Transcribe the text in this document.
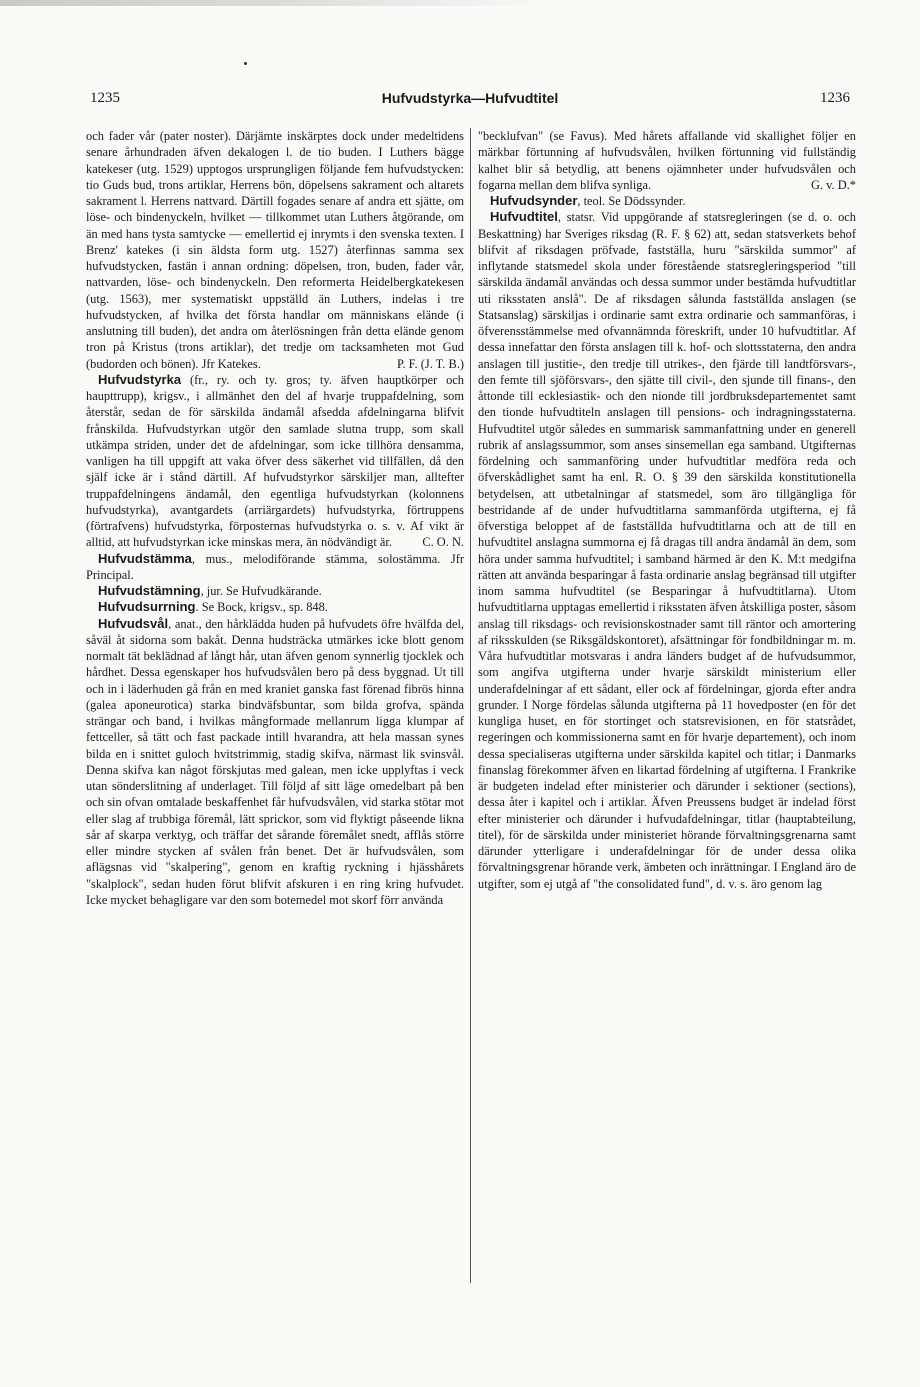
1235	Hufvudstyrka—Hufvudtitel	1236

och fader vår (pater noster). Därjämte inskärptes dock under medeltidens senare århundraden äfven dekalogen l. de tio buden. I Luthers bägge katekeser (utg. 1529) upptogos ursprungligen följande fem hufvudstycken: tio Guds bud, trons artiklar, Herrens bön, döpelsens sakrament och altarets sakrament l. Herrens nattvard. Därtill fogades senare af andra ett sjätte, om löse- och bindenyckeln, hvilket — tillkommet utan Luthers åtgörande, om än med hans tysta samtycke — emellertid ej inrymts i den svenska texten. I Brenz' katekes (i sin äldsta form utg. 1527) återfinnas samma sex hufvudstycken, fastän i annan ordning: döpelsen, tron, buden, fader vår, nattvarden, löse- och bindenyckeln. Den reformerta Heidelbergkatekesen (utg. 1563), mer systematiskt uppställd än Luthers, indelas i tre hufvudstycken, af hvilka det första handlar om människans elände (i anslutning till buden), det andra om återlösningen från detta elände genom tron på Kristus (trons artiklar), det tredje om tacksamheten mot Gud (budorden och bönen). Jfr Katekes.	P. F. (J. T. B.)

Hufvudstyrka (fr., ry. och ty. gros; ty. äfven hauptkörper och haupttrupp), krigsv., i allmänhet den del af hvarje truppafdelning, som återstår, sedan de för särskilda ändamål afsedda afdelningarna blifvit frånskilda. Hufvudstyrkan utgör den samlade slutna trupp, som skall utkämpa striden, under det de afdelningar, som icke tillhöra densamma, vanligen ha till uppgift att vaka öfver dess säkerhet vid tillfällen, då den själf icke är i stånd därtill. Af hufvudstyrkor särskiljer man, alltefter truppafdelningens ändamål, den egentliga hufvudstyrkan (kolonnens hufvudstyrka), avantgardets (arriärgardets) hufvudstyrka, förtruppens (förtrafvens) hufvudstyrka, förposternas hufvudstyrka o. s. v. Af vikt är alltid, att hufvudstyrkan icke minskas mera, än nödvändigt är.	C. O. N.

Hufvudstämma, mus., melodiförande stämma, solostämma. Jfr Principal.

Hufvudstämning, jur. Se Hufvudkärande.

Hufvudsurrning. Se Bock, krigsv., sp. 848.

Hufvudsvål, anat., den hårklädda huden på hufvudets öfre hvälfda del, såväl åt sidorna som bakåt. Denna hudsträcka utmärkes icke blott genom normalt tät beklädnad af långt hår, utan äfven genom synnerlig tjocklek och hårdhet. Dessa egenskaper hos hufvudsvålen bero på dess byggnad. Ut till och in i läderhuden gå från en med kraniet ganska fast förenad fibrös hinna (galea aponeurotica) starka bindväfsbuntar, som bilda grofva, spända strängar och band, i hvilkas mångformade mellanrum ligga klumpar af fettceller, så tätt och fast packade intill hvarandra, att hela massan synes bilda en i snittet gulоch hvitstrimmig, stadig skifva, närmast lik svinsvål. Denna skifva kan något förskjutas med galean, men icke upplyftas i veck utan sönderslitning af underlaget. Till följd af sitt läge omedelbart på ben och sin ofvan omtalade beskaffenhet får hufvudsvålen, vid starka stötar mot eller slag af trubbiga föremål, lätt sprickor, som vid flyktigt påseende likna sår af skarpa verktyg, och träffar det sårande föremålet snedt, afflås större eller mindre stycken af svålen från benet. Det är hufvudsvålen, som aflägsnas vid "skalpering", genom en kraftig ryckning i hjässhårets "skalplock", sedan huden förut blifvit afskuren i en ring kring hufvudet. Icke mycket behagligare var den som botemedel mot skorf förr använda

"becklufvan" (se Favus). Med hårets affallande vid skallighet följer en märkbar förtunning af hufvudsvålen, hvilken förtunning vid fullständig kalhet blir så betydlig, att benens ojämnheter under hufvudsvålen och fogarna mellan dem blifva synliga.	G. v. D.*

Hufvudsynder, teol. Se Dödssynder.

Hufvudtitel, statsr. Vid uppgörande af statsregleringen (se d. o. och Beskattning) har Sveriges riksdag (R. F. § 62) att, sedan statsverkets behof blifvit af riksdagen pröfvade, fastställa, huru "särskilda summor" af inflytande statsmedel skola under förestående statsregleringsperiod "till särskilda ändamål användas och dessa summor under bestämda hufvudtitlar uti riksstaten anslå". De af riksdagen sålunda fastställda anslagen (se Statsanslag) särskiljas i ordinarie samt extra ordinarie och sammanföras, i öfverensstämmelse med ofvannämnda föreskrift, under 10 hufvudtitlar. Af dessa innefattar den första anslagen till k. hof- och slottsstaterna, den andra anslagen till justitie-, den tredje till utrikes-, den fjärde till landtförsvars-, den femte till sjöförsvars-, den sjätte till civil-, den sjunde till finans-, den åttonde till ecklesiastik- och den nionde till jordbruksdepartementet samt den tionde hufvudtiteln anslagen till pensions- och indragningsstaterna. Hufvudtitel utgör således en summarisk sammanfattning under en generell rubrik af anslagssummor, som anses sinsemellan ega samband. Utgifternas fördelning och sammanföring under hufvudtitlar medföra reda och öfverskådlighet samt ha enl. R. O. § 39 den särskilda konstitutionella betydelsen, att utbetalningar af statsmedel, som äro tillgängliga för bestridande af de under hufvudtitlarna sammanförda utgifterna, ej få öfverstiga beloppet af de fastställda hufvudtitlarna och att de till en hufvudtitel anslagna summorna ej få dragas till andra ändamål än dem, som höra under samma hufvudtitel; i samband härmed är den K. M:t medgifna rätten att använda besparingar å fasta ordinarie anslag begränsad till utgifter inom samma hufvudtitel (se Besparingar å hufvudtitlarna). Utom hufvudtitlarna upptagas emellertid i riksstaten äfven åtskilliga poster, såsom anslag till riksdags- och revisionskostnader samt till räntor och amortering af riksskulden (se Riksgäldskontoret), afsättningar för fondbildningar m. m. Våra hufvudtitlar motsvaras i andra länders budget af de hufvudsummor, som angifva utgifterna under hvarje särskildt ministerium eller underafdelningar af ett sådant, eller ock af fördelningar, gjorda efter andra grunder. I Norge fördelas sålunda utgifterna på 11 hovedposter (en för det kungliga huset, en för stortinget och statsrevisionen, en för statsrådet, regeringen och kommissionerna samt en för hvarje departement), och inom dessa specialiseras utgifterna under särskilda kapitel och titlar; i Danmarks finanslag förekommer äfven en likartad fördelning af utgifterna. I Frankrike är budgeten indelad efter ministerier och därunder i sektioner (sections), dessa åter i kapitel och i artiklar. Äfven Preussens budget är indelad först efter ministerier och därunder i hufvudafdelningar, titlar (hauptabteilung, titel), för de särskilda under ministeriet hörande förvaltningsgrenarna samt därunder ytterligare i underafdelningar för de under dessa olika förvaltningsgrenar hörande verk, ämbeten och inrättningar. I England äro de utgifter, som ej utgå af "the consolidated fund", d. v. s. äro genom lag
